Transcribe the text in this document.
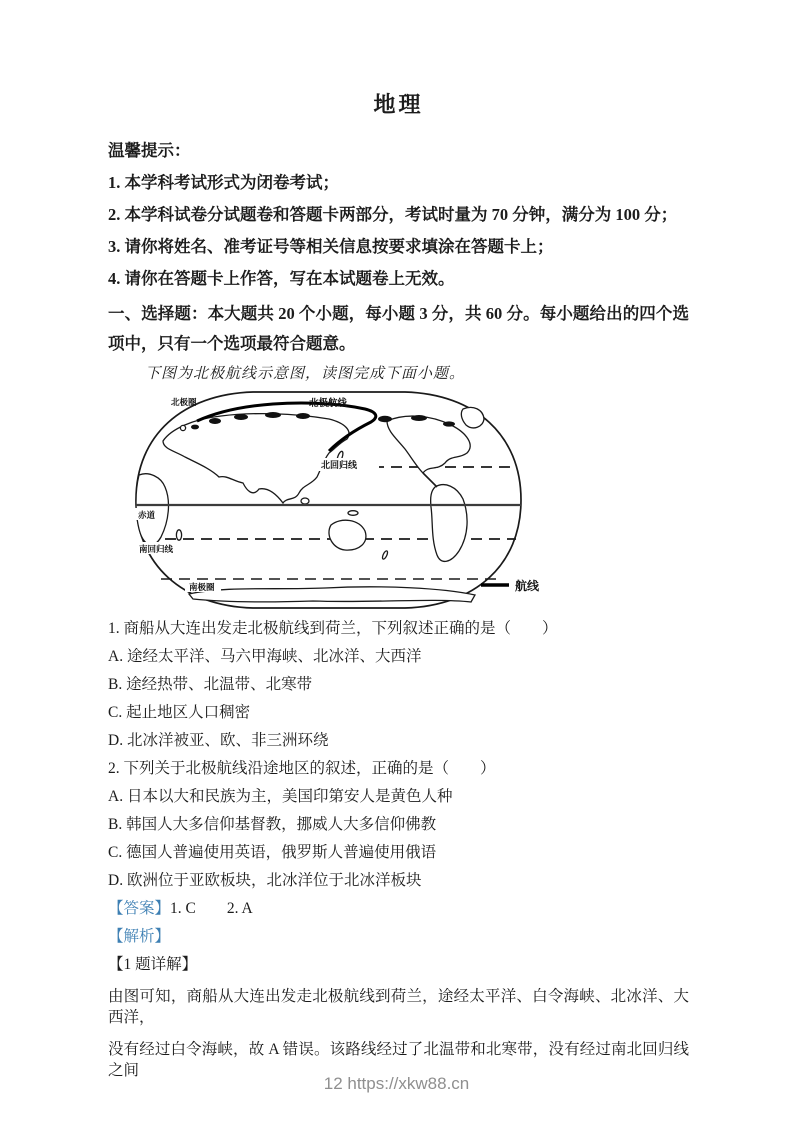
地理
温馨提示：
1. 本学科考试形式为闭卷考试；
2. 本学科试卷分试题卷和答题卡两部分，考试时量为 70 分钟，满分为 100 分；
3. 请你将姓名、准考证号等相关信息按要求填涂在答题卡上；
4. 请你在答题卡上作答，写在本试题卷上无效。
一、选择题：本大题共 20 个小题，每小题 3 分，共 60 分。每小题给出的四个选项中，只有一个选项最符合题意。
下图为北极航线示意图，读图完成下面小题。
北极圈	北极航线
北回归线
赤道
南回归线
南极圈	航线
1. 商船从大连出发走北极航线到荷兰，下列叙述正确的是（　　）
A. 途经太平洋、马六甲海峡、北冰洋、大西洋
B. 途经热带、北温带、北寒带
C. 起止地区人口稠密
D. 北冰洋被亚、欧、非三洲环绕
2. 下列关于北极航线沿途地区的叙述，正确的是（　　）
A. 日本以大和民族为主，美国印第安人是黄色人种
B. 韩国人大多信仰基督教，挪威人大多信仰佛教
C. 德国人普遍使用英语，俄罗斯人普遍使用俄语
D. 欧洲位于亚欧板块，北冰洋位于北冰洋板块
【答案】1. C　　2. A
【解析】
【1 题详解】
由图可知，商船从大连出发走北极航线到荷兰，途经太平洋、白令海峡、北冰洋、大西洋，
没有经过白令海峡，故 A 错误。该路线经过了北温带和北寒带，没有经过南北回归线之间
12 https://xkw88.cn
